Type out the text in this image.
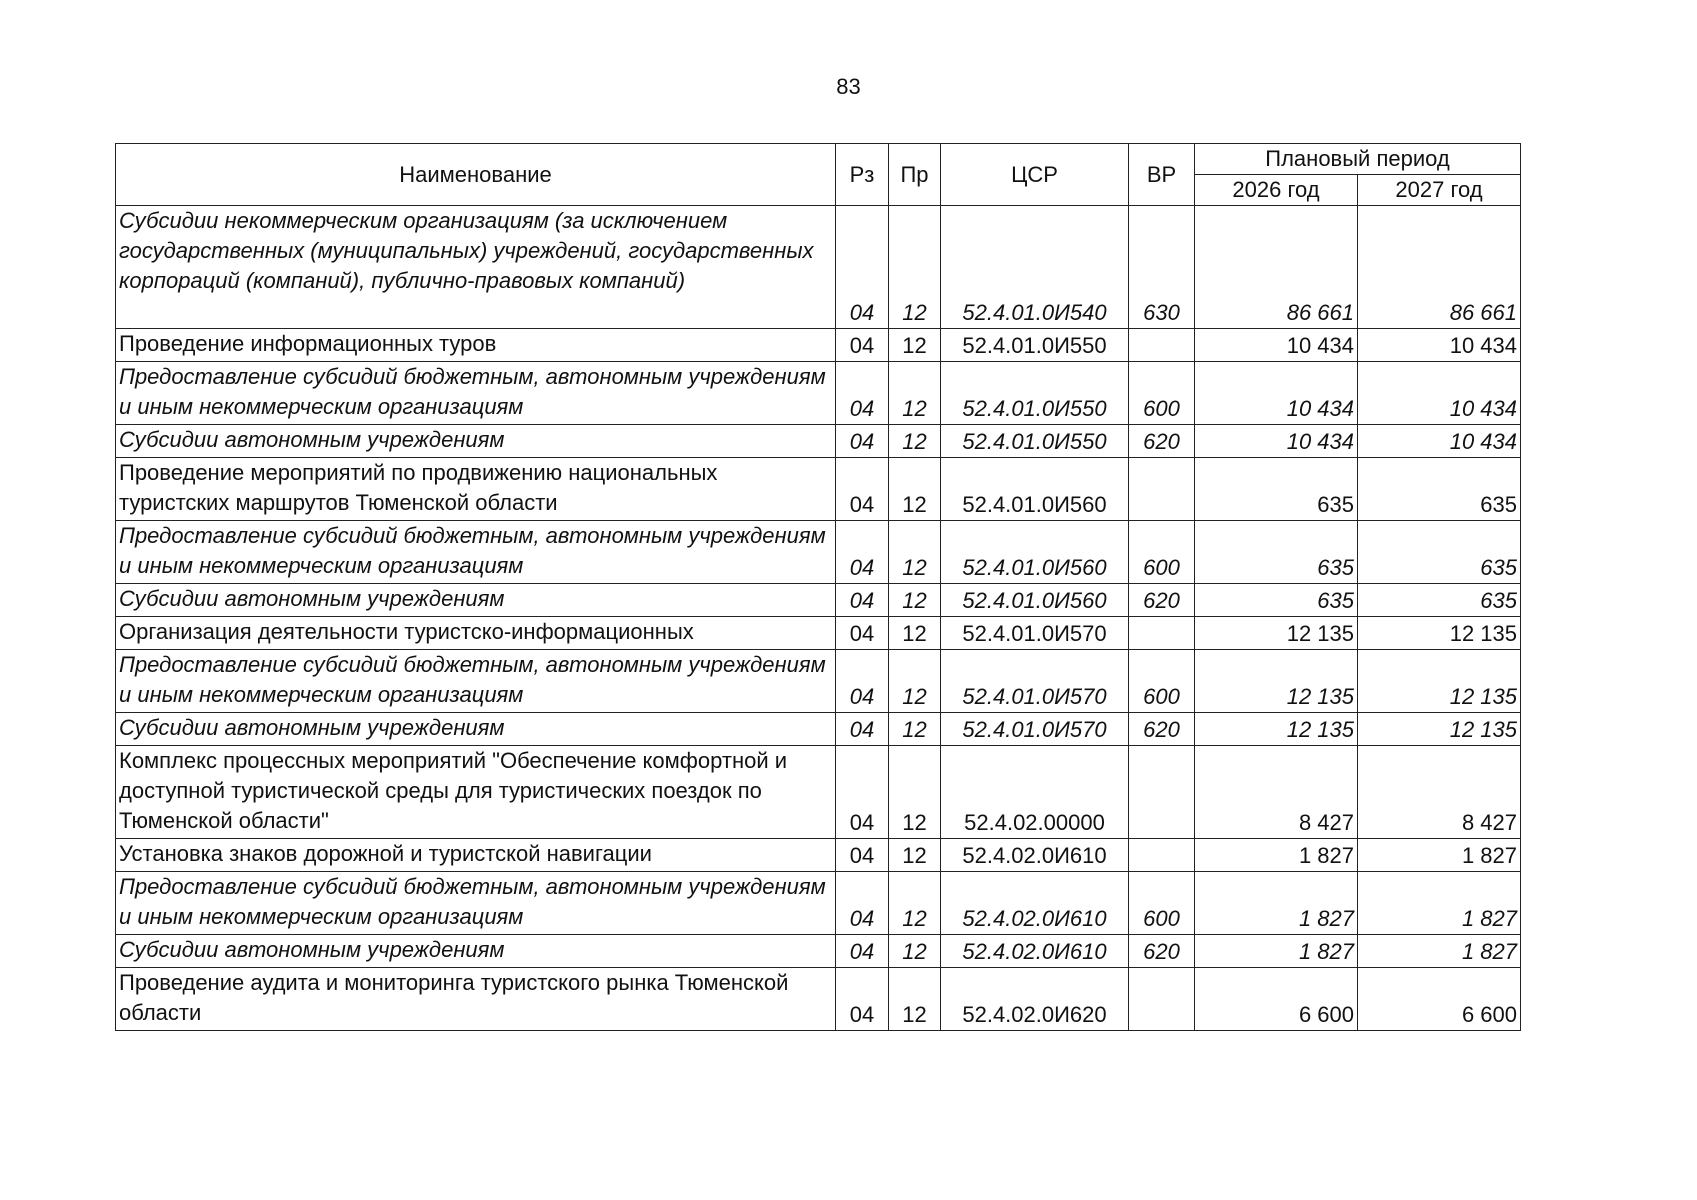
83
Наименование	Рз	Пр	ЦСР	ВР	Плановый период	
					2026 год	2027 год
Субсидии некоммерческим организациям (за исключением государственных (муниципальных) учреждений, государственных корпораций (компаний), публично-правовых компаний)	04	12	52.4.01.0И540	630	86 661	86 661
Проведение информационных туров	04	12	52.4.01.0И550		10 434	10 434
Предоставление субсидий бюджетным, автономным учреждениям и иным некоммерческим организациям	04	12	52.4.01.0И550	600	10 434	10 434
Субсидии автономным учреждениям	04	12	52.4.01.0И550	620	10 434	10 434
Проведение мероприятий по продвижению национальных туристских маршрутов Тюменской области	04	12	52.4.01.0И560		635	635
Предоставление субсидий бюджетным, автономным учреждениям и иным некоммерческим организациям	04	12	52.4.01.0И560	600	635	635
Субсидии автономным учреждениям	04	12	52.4.01.0И560	620	635	635
Организация деятельности туристско-информационных	04	12	52.4.01.0И570		12 135	12 135
Предоставление субсидий бюджетным, автономным учреждениям и иным некоммерческим организациям	04	12	52.4.01.0И570	600	12 135	12 135
Субсидии автономным учреждениям	04	12	52.4.01.0И570	620	12 135	12 135
Комплекс процессных мероприятий "Обеспечение комфортной и доступной туристической среды для туристических поездок по Тюменской области"	04	12	52.4.02.00000		8 427	8 427
Установка знаков дорожной и туристской навигации	04	12	52.4.02.0И610		1 827	1 827
Предоставление субсидий бюджетным, автономным учреждениям и иным некоммерческим организациям	04	12	52.4.02.0И610	600	1 827	1 827
Субсидии автономным учреждениям	04	12	52.4.02.0И610	620	1 827	1 827
Проведение аудита и мониторинга туристского рынка Тюменской области	04	12	52.4.02.0И620		6 600	6 600
